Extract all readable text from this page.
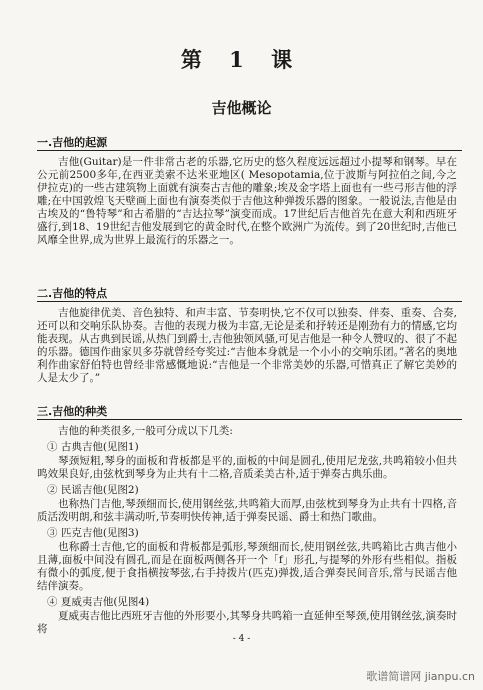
第 1 课
吉他概论
一.吉他的起源

吉他(Guitar)是一件非常古老的乐器,它历史的悠久程度远远超过小提琴和钢琴。早在公元前2500多年,在西亚美索不达米亚地区( Mesopotamia,位于波斯与阿拉伯之间,今之伊拉克)的一些古建筑物上面就有演奏古吉他的雕象;埃及金字塔上面也有一些弓形吉他的浮雕;在中国敦煌飞天壁画上面也有演奏类似于吉他这种弹拨乐器的图象。一般说法,吉他是由古埃及的“鲁特琴”和古希腊的“吉达拉琴”演变而成。17世纪后吉他首先在意大利和西班牙盛行,到18、19世纪吉他发展到它的黄金时代,在整个欧洲广为流传。到了20世纪时,吉他已风靡全世界,成为世界上最流行的乐器之一。

二.吉他的特点

吉他旋律优美、音色独特、和声丰富、节奏明快,它不仅可以独奏、伴奏、重奏、合奏,还可以和交响乐队协奏。吉他的表现力极为丰富,无论是柔和抒转还是刚劲有力的情感,它均能表现。从古典到民谣,从热门到爵士,吉他独领风骚,可见吉他是一种令人赞叹的、很了不起的乐器。德国作曲家贝多芬就曾经夸奖过:“吉他本身就是一个小小的交响乐团。”著名的奥地利作曲家舒伯特也曾经非常感慨地说:“吉他是一个非常美妙的乐器,可惜真正了解它美妙的人是太少了。”

三.吉他的种类

吉他的种类很多,一般可分成以下几类:

① 古典吉他(见图1)

琴颈短粗,琴身的面板和背板都是平的,面板的中间是圆孔,使用尼龙弦,共鸣箱较小但共鸣效果良好,由弦枕到琴身为止共有十二格,音质柔美古朴,适于弹奏古典乐曲。

② 民谣吉他(见图2)

也称热门吉他,琴颈细而长,使用钢丝弦,共鸣箱大而厚,由弦枕到琴身为止共有十四格,音质活泼明朗,和弦丰满动听,节奏明快传神,适于弹奏民谣、爵士和热门歌曲。

③ 匹克吉他(见图3)

也称爵士吉他,它的面板和背板都是弧形,琴颈细而长,使用钢丝弦,共鸣箱比古典吉他小且薄,面板中间没有圆孔,而是在面板两侧各开一个「f」形孔,与提琴的外形有些相似。指板有微小的弧度,便于食指横按琴弦,右手持拨片(匹克)弹拨,适合弹奏民间音乐,常与民谣吉他结伴演奏。

④ 夏威夷吉他(见图4)

夏威夷吉他比西班牙吉他的外形要小,其琴身共鸣箱一直延伸至琴颈,使用钢丝弦,演奏时将

- 4 -
歌谱简谱网 jianpu.cn
